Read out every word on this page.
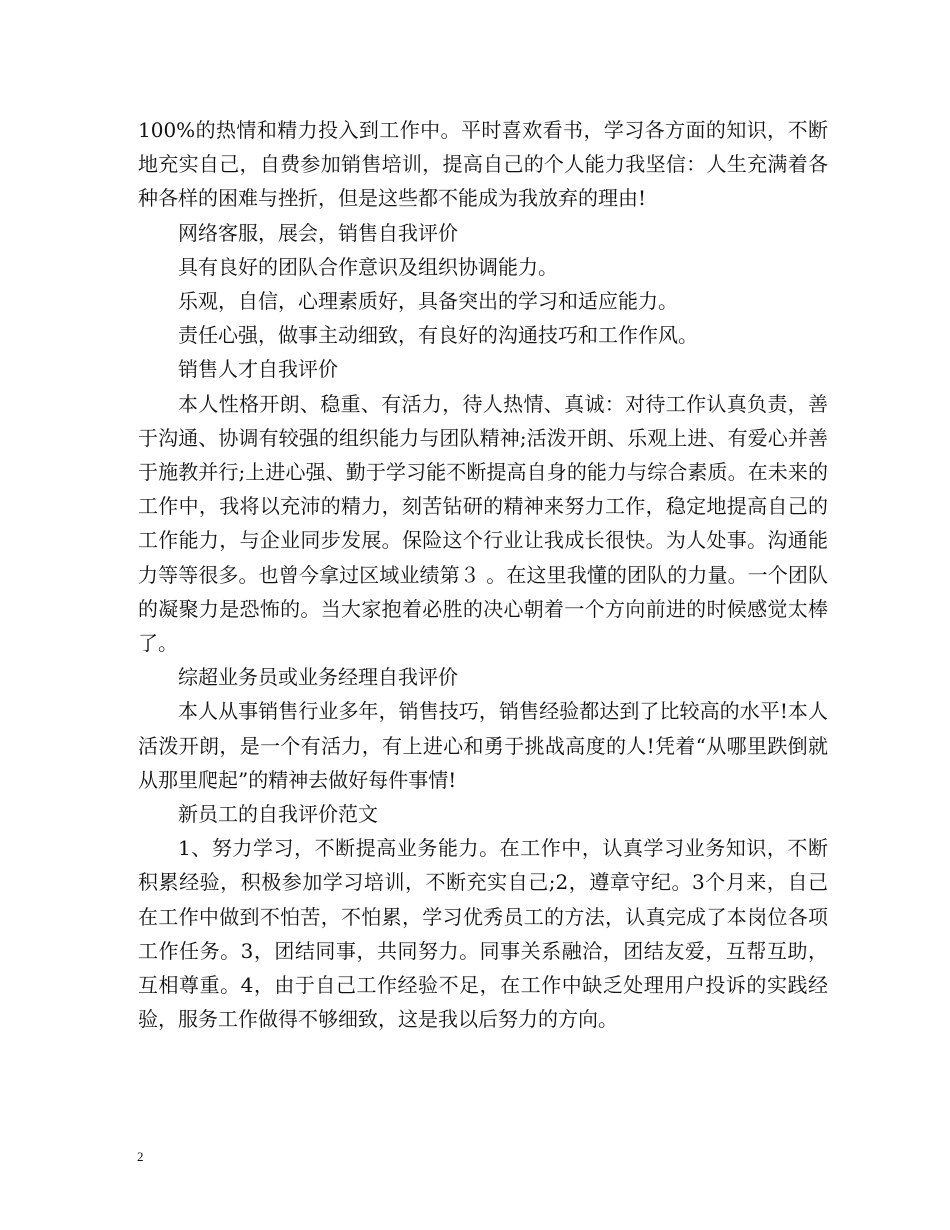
100%的热情和精力投入到工作中。平时喜欢看书，学习各方面的知识，不断地充实自己，自费参加销售培训，提高自己的个人能力我坚信：人生充满着各种各样的困难与挫折，但是这些都不能成为我放弃的理由!

网络客服，展会，销售自我评价

具有良好的团队合作意识及组织协调能力。

乐观，自信，心理素质好，具备突出的学习和适应能力。

责任心强，做事主动细致，有良好的沟通技巧和工作作风。

销售人才自我评价

本人性格开朗、稳重、有活力，待人热情、真诚：对待工作认真负责，善于沟通、协调有较强的组织能力与团队精神;活泼开朗、乐观上进、有爱心并善于施教并行;上进心强、勤于学习能不断提高自身的能力与综合素质。在未来的工作中，我将以充沛的精力，刻苦钻研的精神来努力工作，稳定地提高自己的工作能力，与企业同步发展。保险这个行业让我成长很快。为人处事。沟通能力等等很多。也曾今拿过区域业绩第３ 。在这里我懂的团队的力量。一个团队的凝聚力是恐怖的。当大家抱着必胜的决心朝着一个方向前进的时候感觉太棒了。

综超业务员或业务经理自我评价

本人从事销售行业多年，销售技巧，销售经验都达到了比较高的水平!本人活泼开朗，是一个有活力，有上进心和勇于挑战高度的人!凭着“从哪里跌倒就从那里爬起”的精神去做好每件事情!

新员工的自我评价范文

1、努力学习，不断提高业务能力。在工作中，认真学习业务知识，不断积累经验，积极参加学习培训，不断充实自己;2，遵章守纪。3个月来，自己在工作中做到不怕苦，不怕累，学习优秀员工的方法，认真完成了本岗位各项工作任务。3，团结同事，共同努力。同事关系融洽，团结友爱，互帮互助，互相尊重。4，由于自己工作经验不足，在工作中缺乏处理用户投诉的实践经验，服务工作做得不够细致，这是我以后努力的方向。

2
